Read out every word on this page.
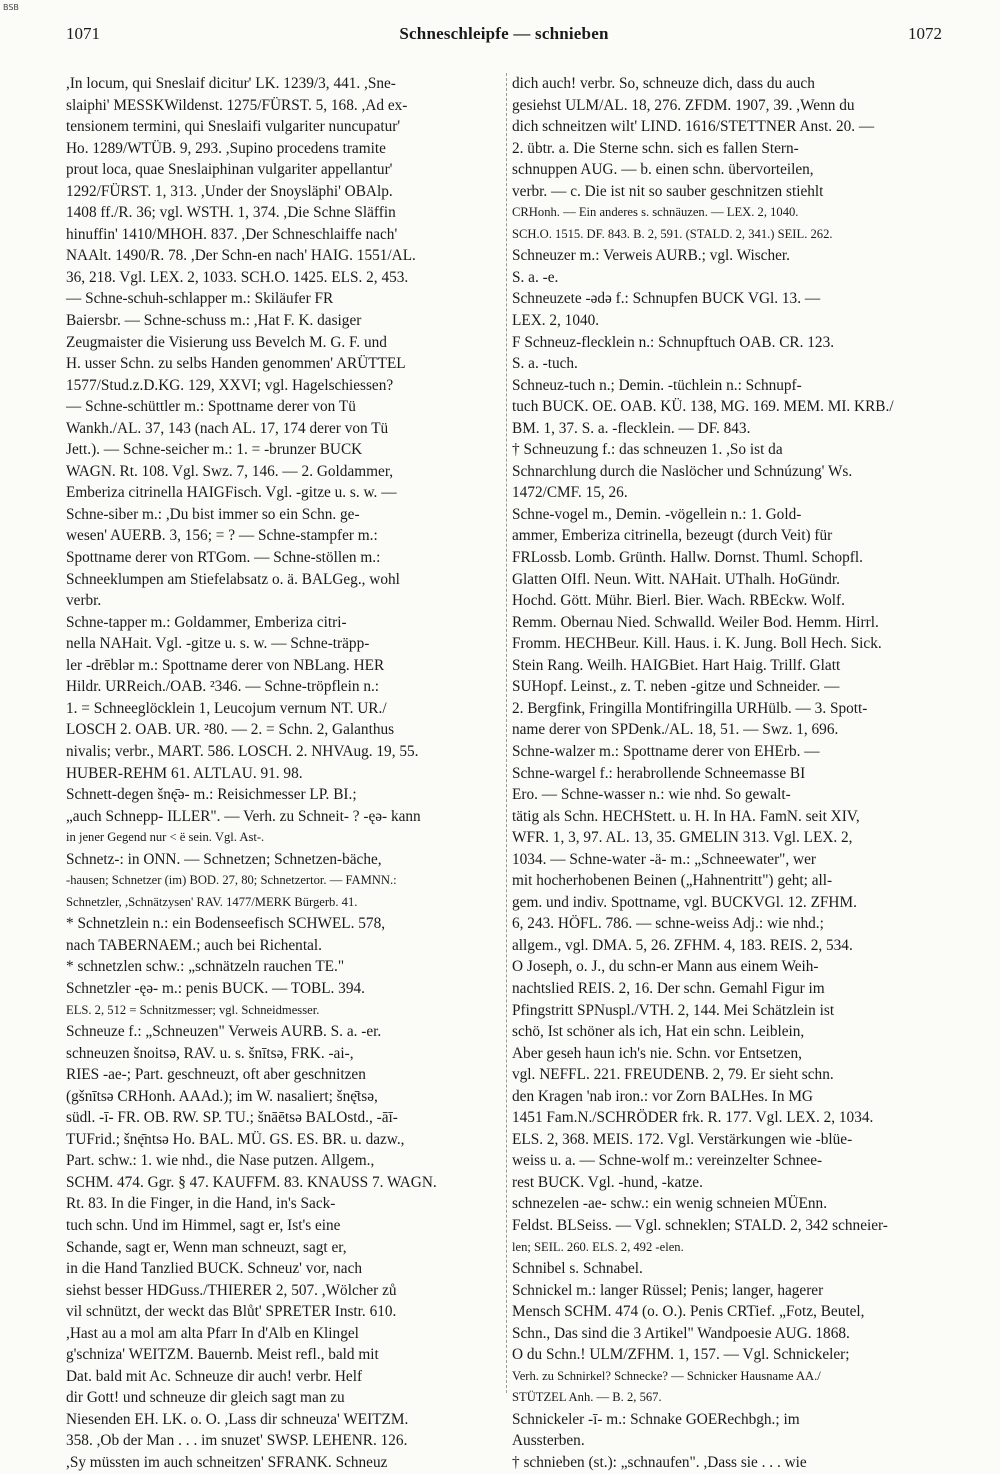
BSB
1071	Schneschleipfe — schnieben	1072
,In locum, qui Sneslaif dicitur' LK. 1239/3, 441. ,Sne-
slaiphi' MESSKWildenst. 1275/FÜRST. 5, 168. ,Ad ex-
tensionem termini, qui Sneslaifi vulgariter nuncupatur'
Ho. 1289/WTÜB. 9, 293. ,Supino procedens tramite
prout loca, quae Sneslaiphinan vulgariter appellantur'
1292/FÜRST. 1, 313. ,Under der Snoysläphi' OBAlp.
1408 ff./R. 36; vgl. WSTH. 1, 374. ,Die Schne Släffin
hinuffin' 1410/MHOH. 837. ,Der Schneschlaiffe nach'
NAAlt. 1490/R. 78. ,Der Schn-en nach' HAIG. 1551/AL.
36, 218. Vgl. LEX. 2, 1033. SCH.O. 1425. ELS. 2, 453.
— Schne-schuh-schlapper m.: Skiläufer FR
Baiersbr. — Schne-schuss m.: ,Hat F. K. dasiger
Zeugmaister die Visierung uss Bevelch M. G. F. und
H. usser Schn. zu selbs Handen genommen' ARÜTTEL
1577/Stud.z.D.KG. 129, XXVI; vgl. Hagelschiessen?
— Schne-schüttler m.: Spottname derer von Tü
Wankh./AL. 37, 143 (nach AL. 17, 174 derer von Tü
Jett.). — Schne-seicher m.: 1. = -brunzer BUCK
WAGN. Rt. 108. Vgl. Swz. 7, 146. — 2. Goldammer,
Emberiza citrinella HAIGFisch. Vgl. -gitze u. s. w. —
Schne-siber m.: ,Du bist immer so ein Schn. ge-
wesen' AUERB. 3, 156; = ? — Schne-stampfer m.:
Spottname derer von RTGom. — Schne-stöllen m.:
Schneeklumpen am Stiefelabsatz o. ä. BALGeg., wohl
verbr.
Schne-tapper m.: Goldammer, Emberiza citri-
nella NAHait. Vgl. -gitze u. s. w. — Schne-träpp-
ler -drēblər m.: Spottname derer von NBLang. HER
Hildr. URReich./OAB. ²346. — Schne-tröpflein n.:
1. = Schneeglöcklein 1, Leucojum vernum NT. UR./
LOSCH 2. OAB. UR. ²80. — 2. = Schn. 2, Galanthus
nivalis; verbr., MART. 586. LOSCH. 2. NHVAug. 19, 55.
HUBER-REHM 61. ALTLAU. 91. 98.
Schnett-degen šnę̄ə- m.: Reisichmesser LP. BI.;
„auch Schnepp- ILLER". — Verh. zu Schneit- ? -ęə- kann
in jener Gegend nur < ë sein. Vgl. Ast-.
Schnetz-: in ONN. — Schnetzen; Schnetzen-bäche,
-hausen; Schnetzer (im) BOD. 27, 80; Schnetzertor. — FAMNN.:
Schnetzler, ,Schnätzysen' RAV. 1477/MERK Bürgerb. 41.
* Schnetzlein n.: ein Bodenseefisch SCHWEL. 578,
nach TABERNAEM.; auch bei Richental.
* schnetzlen schw.: „schnätzeln rauchen TE."
Schnetzler -ęə- m.: penis BUCK. — TOBL. 394.
ELS. 2, 512 = Schnitzmesser; vgl. Schneidmesser.
Schneuze f.: „Schneuzen" Verweis AURB. S. a. -er.
schneuzen šnoitsə, RAV. u. s. šnītsə, FRK. -ai-,
RIES -ae-; Part. geschneuzt, oft aber geschnitzen
(gšnītsə CRHonh. AAAd.); im W. nasaliert; šnę̄tsə,
südl. -ī- FR. OB. RW. SP. TU.; šnāētsə BALOstd., -āī-
TUFrid.; šnę̄ntsə Ho. BAL. MÜ. GS. ES. BR. u. dazw.,
Part. schw.: 1. wie nhd., die Nase putzen. Allgem.,
SCHM. 474. Ggr. § 47. KAUFFM. 83. KNAUSS 7. WAGN.
Rt. 83. In die Finger, in die Hand, in's Sack-
tuch schn. Und im Himmel, sagt er, Ist's eine
Schande, sagt er, Wenn man schneuzt, sagt er,
in die Hand Tanzlied BUCK. Schneuz' vor, nach
siehst besser HDGuss./THIERER 2, 507. ,Wölcher zů
vil schnützt, der weckt das Blůt' SPRETER Instr. 610.
,Hast au a mol am alta Pfarr In d'Alb en Klingel
g'schniza' WEITZM. Bauernb. Meist refl., bald mit
Dat. bald mit Ac. Schneuze dir auch! verbr. Helf
dir Gott! und schneuze dir gleich sagt man zu
Niesenden EH. LK. o. O. ,Lass dir schneuza' WEITZM.
358. ,Ob der Man . . . im snuzet' SWSP. LEHENR. 126.
,Sy müssten im auch schneitzen' SFRANK. Schneuz
dich auch! verbr. So, schneuze dich, dass du auch
gesiehst ULM/AL. 18, 276. ZFDM. 1907, 39. ,Wenn du
dich schneitzen wilt' LIND. 1616/STETTNER Anst. 20. —
2. übtr. a. Die Sterne schn. sich es fallen Stern-
schnuppen AUG. — b. einen schn. übervorteilen,
verbr. — c. Die ist nit so sauber geschnitzen stiehlt
CRHonh. — Ein anderes s. schnäuzen. — LEX. 2, 1040.
SCH.O. 1515. DF. 843. B. 2, 591. (STALD. 2, 341.) SEIL. 262.
Schneuzer m.: Verweis AURB.; vgl. Wischer.
S. a. -e.
Schneuzete -ədə f.: Schnupfen BUCK VGl. 13. —
LEX. 2, 1040.
F Schneuz-flecklein n.: Schnupftuch OAB. CR. 123.
S. a. -tuch.
Schneuz-tuch n.; Demin. -tüchlein n.: Schnupf-
tuch BUCK. OE. OAB. KÜ. 138, MG. 169. MEM. MI. KRB./
BM. 1, 37. S. a. -flecklein. — DF. 843.
† Schneuzung f.: das schneuzen 1. ,So ist da
Schnarchlung durch die Naslöcher und Schnúzung' Ws.
1472/CMF. 15, 26.
Schne-vogel m., Demin. -vögellein n.: 1. Gold-
ammer, Emberiza citrinella, bezeugt (durch Veit) für
FRLossb. Lomb. Grünth. Hallw. Dornst. Thuml. Schopfl.
Glatten OIfl. Neun. Witt. NAHait. UThalh. HoGündr.
Hochd. Gött. Mühr. Bierl. Bier. Wach. RBEckw. Wolf.
Remm. Obernau Nied. Schwalld. Weiler Bod. Hemm. Hirrl.
Fromm. HECHBeur. Kill. Haus. i. K. Jung. Boll Hech. Sick.
Stein Rang. Weilh. HAIGBiet. Hart Haig. Trillf. Glatt
SUHopf. Leinst., z. T. neben -gitze und Schneider. —
2. Bergfink, Fringilla Montifringilla URHülb. — 3. Spott-
name derer von SPDenk./AL. 18, 51. — Swz. 1, 696.
Schne-walzer m.: Spottname derer von EHErb. —
Schne-wargel f.: herabrollende Schneemasse BI
Ero. — Schne-wasser n.: wie nhd. So gewalt-
tätig als Schn. HECHStett. u. H. In HA. FamN. seit XIV,
WFR. 1, 3, 97. AL. 13, 35. GMELIN 313. Vgl. LEX. 2,
1034. — Schne-water -ä- m.: „Schneewater", wer
mit hocherhobenen Beinen („Hahnentritt") geht; all-
gem. und indiv. Spottname, vgl. BUCKVGl. 12. ZFHM.
6, 243. HÖFL. 786. — schne-weiss Adj.: wie nhd.;
allgem., vgl. DMA. 5, 26. ZFHM. 4, 183. REIS. 2, 534.
O Joseph, o. J., du schn-er Mann aus einem Weih-
nachtslied REIS. 2, 16. Der schn. Gemahl Figur im
Pfingstritt SPNuspl./VTH. 2, 144. Mei Schätzlein ist
schö, Ist schöner als ich, Hat ein schn. Leiblein,
Aber geseh haun ich's nie. Schn. vor Entsetzen,
vgl. NEFFL. 221. FREUDENB. 2, 79. Er sieht schn.
den Kragen 'nab iron.: vor Zorn BALHes. In MG
1451 Fam.N./SCHRÖDER frk. R. 177. Vgl. LEX. 2, 1034.
ELS. 2, 368. MEIS. 172. Vgl. Verstärkungen wie -blüe-
weiss u. a. — Schne-wolf m.: vereinzelter Schnee-
rest BUCK. Vgl. -hund, -katze.
schnezelen -ae- schw.: ein wenig schneien MÜEnn.
Feldst. BLSeiss. — Vgl. schneklen; STALD. 2, 342 schneier-
len; SEIL. 260. ELS. 2, 492 -elen.
Schnibel s. Schnabel.
Schnickel m.: langer Rüssel; Penis; langer, hagerer
Mensch SCHM. 474 (o. O.). Penis CRTief. „Fotz, Beutel,
Schn., Das sind die 3 Artikel" Wandpoesie AUG. 1868.
O du Schn.! ULM/ZFHM. 1, 157. — Vgl. Schnickeler;
Verh. zu Schnirkel? Schnecke? — Schnicker Hausname AA./
STÜTZEL Anh. — B. 2, 567.
Schnickeler -ī- m.: Schnake GOERechbgh.; im
Aussterben.
† schnieben (st.): „schnaufen". ,Dass sie . . . wie
